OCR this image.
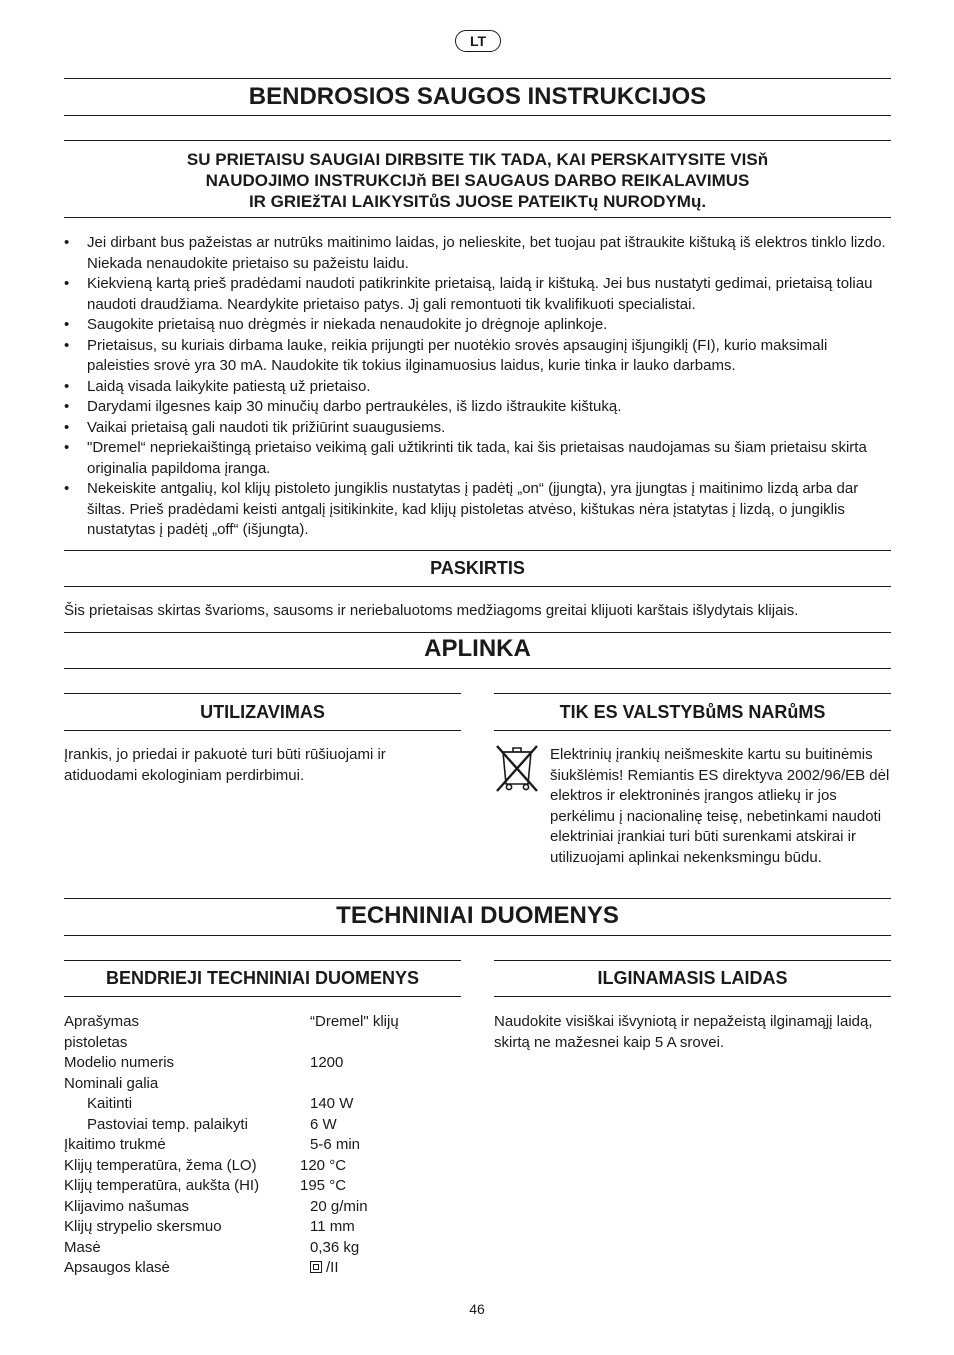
LT
BENDROSIOS SAUGOS INSTRUKCIJOS
SU PRIETAISU SAUGIAI DIRBSITE TIK TADA, KAI PERSKAITYSITE VISň
NAUDOJIMO INSTRUKCIJň BEI SAUGAUS DARBO REIKALAVIMUS
IR GRIEžTAI LAIKYSITůS JUOSE PATEIKTų NURODYMų.
• Jei dirbant bus pažeistas ar nutrūks maitinimo laidas, jo nelieskite, bet tuojau pat ištraukite kištuką iš elektros tinklo lizdo. Niekada nenaudokite prietaiso su pažeistu laidu.
• Kiekvieną kartą prieš pradėdami naudoti patikrinkite prietaisą, laidą ir kištuką. Jei bus nustatyti gedimai, prietaisą toliau naudoti draudžiama. Neardykite prietaiso patys. Jį gali remontuoti tik kvalifikuoti specialistai.
• Saugokite prietaisą nuo drėgmės ir niekada nenaudokite jo drėgnoje aplinkoje.
• Prietaisus, su kuriais dirbama lauke, reikia prijungti per nuotėkio srovės apsauginį išjungiklį (FI), kurio maksimali paleisties srovė yra 30 mA. Naudokite tik tokius ilginamuosius laidus, kurie tinka ir lauko darbams.
• Laidą visada laikykite patiestą už prietaiso.
• Darydami ilgesnes kaip 30 minučių darbo pertraukėles, iš lizdo ištraukite kištuką.
• Vaikai prietaisą gali naudoti tik prižiūrint suaugusiems.
• "Dremel“ nepriekaištingą prietaiso veikimą gali užtikrinti tik tada, kai šis prietaisas naudojamas su šiam prietaisu skirta originalia papildoma įranga.
• Nekeiskite antgalių, kol klijų pistoleto jungiklis nustatytas į padėtį „on“ (įjungta), yra įjungtas į maitinimo lizdą arba dar šiltas. Prieš pradėdami keisti antgalį įsitikinkite, kad klijų pistoletas atvėso, kištukas nėra įstatytas į lizdą, o jungiklis nustatytas į padėtį „off“ (išjungta).
PASKIRTIS
Šis prietaisas skirtas švarioms, sausoms ir neriebaluotoms medžiagoms greitai klijuoti karštais išlydytais klijais.
APLINKA
UTILIZAVIMAS
Įrankis, jo priedai ir pakuotė turi būti rūšiuojami ir atiduodami ekologiniam perdirbimui.
TIK ES VALSTYBůMS NARůMS
Elektrinių įrankių neišmeskite kartu su buitinėmis šiukšlėmis! Remiantis ES direktyva 2002/96/EB dėl elektros ir elektroninės įrangos atliekų ir jos perkėlimu į nacionalinę teisę, nebetinkami naudoti elektriniai įrankiai turi būti surenkami atskirai ir utilizuojami aplinkai nekenksmingu būdu.
TECHNINIAI DUOMENYS
BENDRIEJI TECHNINIAI DUOMENYS	ILGINAMASIS LAIDAS
Naudokite visiškai išvyniotą ir nepažeistą ilginamąjį laidą, skirtą ne mažesnei kaip 5 A srovei.
Aprašymas	“Dremel" klijų
pistoletas
Modelio numeris	1200
Nominali galia
Kaitinti	140 W
Pastoviai temp. palaikyti	6 W
Įkaitimo trukmė	5-6 min
Klijų temperatūra, žema (LO)	120 °C
Klijų temperatūra, aukšta (HI)	195 °C
Klijavimo našumas	20 g/min
Klijų strypelio skersmuo	11 mm
Masė	0,36 kg
Apsaugos klasė	/II
46
